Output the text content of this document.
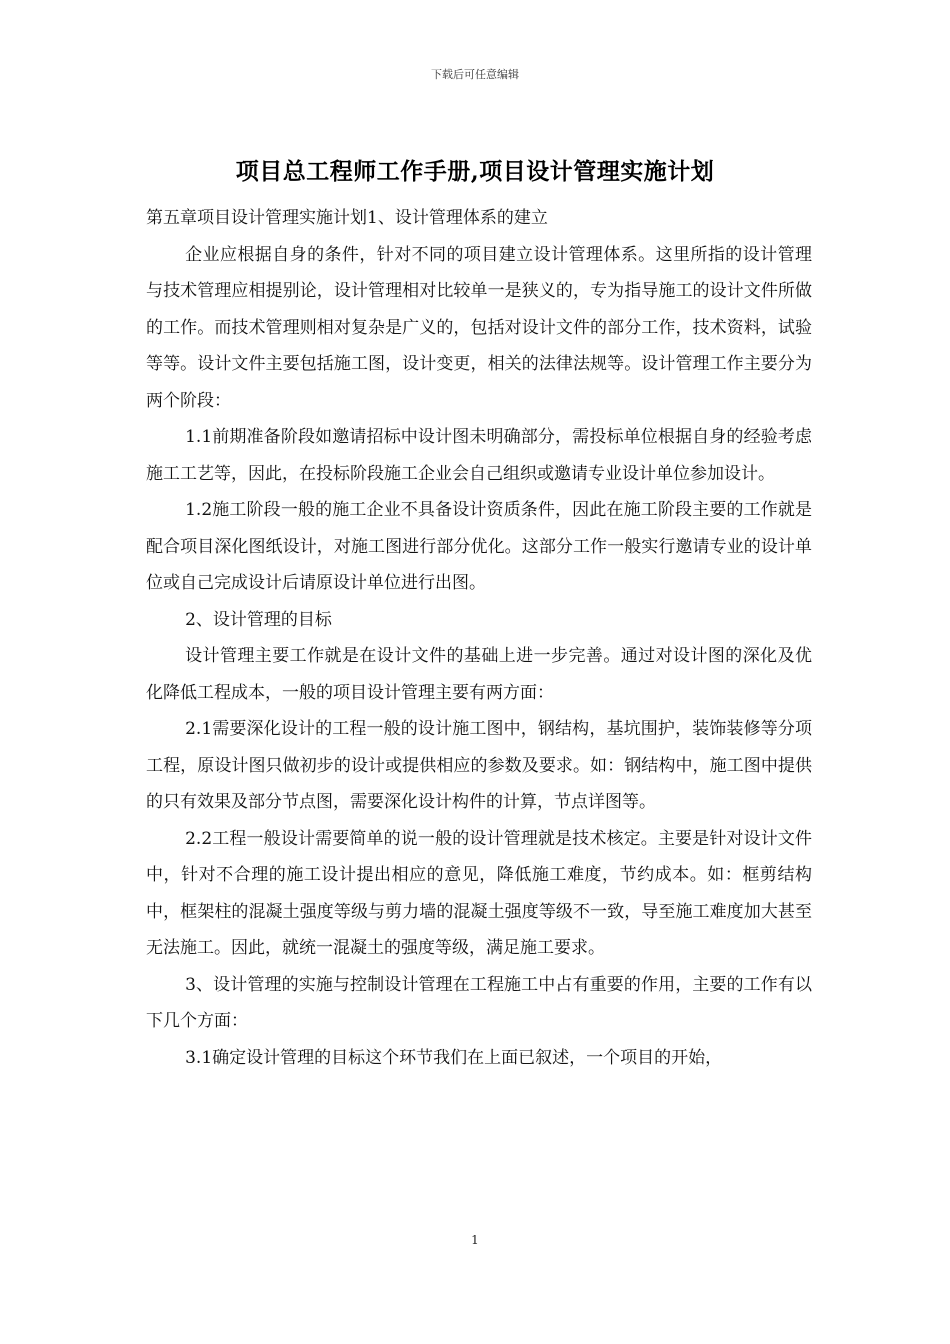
下载后可任意编辑
项目总工程师工作手册,项目设计管理实施计划

第五章项目设计管理实施计划1、设计管理体系的建立

企业应根据自身的条件，针对不同的项目建立设计管理体系。这里所指的设计管理与技术管理应相提别论，设计管理相对比较单一是狭义的，专为指导施工的设计文件所做的工作。而技术管理则相对复杂是广义的，包括对设计文件的部分工作，技术资料，试验等等。设计文件主要包括施工图，设计变更，相关的法律法规等。设计管理工作主要分为两个阶段：

1.1前期准备阶段如邀请招标中设计图未明确部分，需投标单位根据自身的经验考虑施工工艺等，因此，在投标阶段施工企业会自己组织或邀请专业设计单位参加设计。

1.2施工阶段一般的施工企业不具备设计资质条件，因此在施工阶段主要的工作就是配合项目深化图纸设计，对施工图进行部分优化。这部分工作一般实行邀请专业的设计单位或自己完成设计后请原设计单位进行出图。

2、设计管理的目标

设计管理主要工作就是在设计文件的基础上进一步完善。通过对设计图的深化及优化降低工程成本，一般的项目设计管理主要有两方面：

2.1需要深化设计的工程一般的设计施工图中，钢结构，基坑围护，装饰装修等分项工程，原设计图只做初步的设计或提供相应的参数及要求。如：钢结构中，施工图中提供的只有效果及部分节点图，需要深化设计构件的计算，节点详图等。

2.2工程一般设计需要简单的说一般的设计管理就是技术核定。主要是针对设计文件中，针对不合理的施工设计提出相应的意见，降低施工难度，节约成本。如：框剪结构中，框架柱的混凝土强度等级与剪力墙的混凝土强度等级不一致，导至施工难度加大甚至无法施工。因此，就统一混凝土的强度等级，满足施工要求。

3、设计管理的实施与控制设计管理在工程施工中占有重要的作用，主要的工作有以下几个方面：

3.1确定设计管理的目标这个环节我们在上面已叙述，一个项目的开始，

1
